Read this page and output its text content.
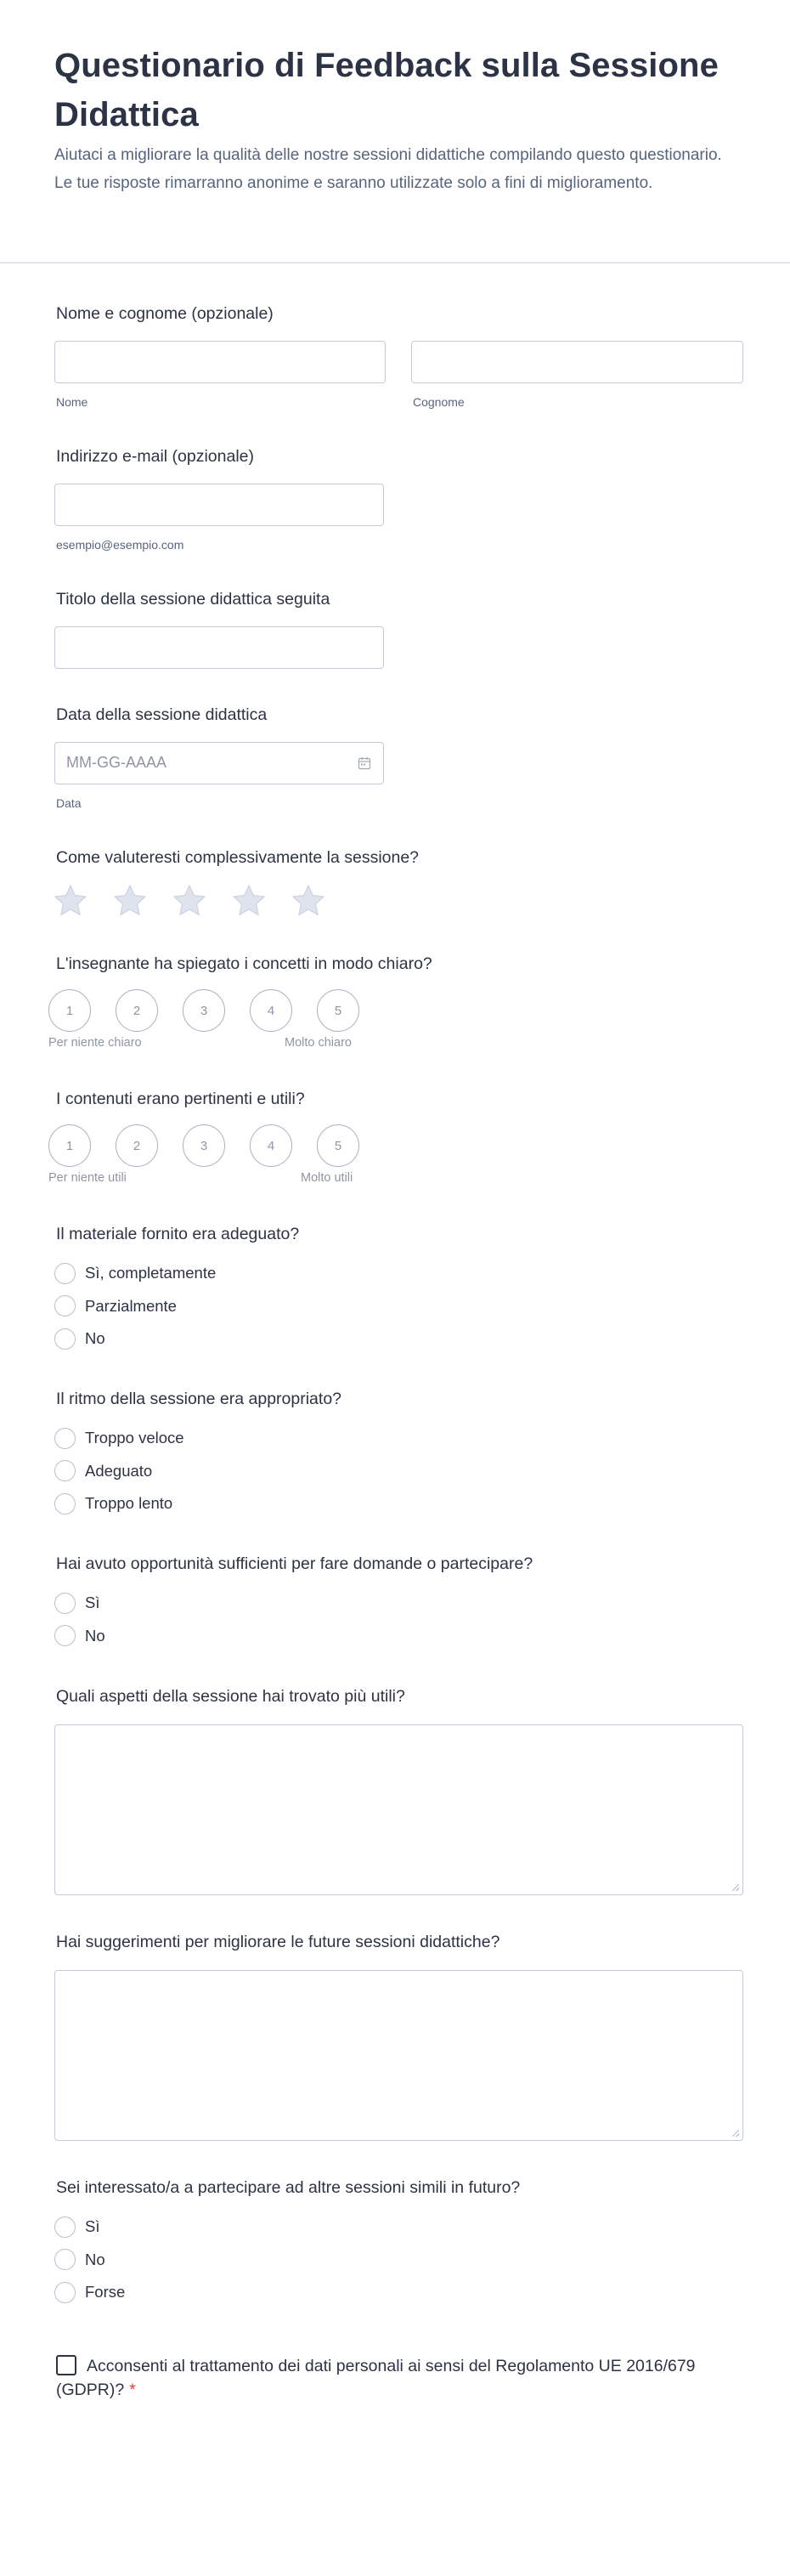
Questionario di Feedback sulla Sessione Didattica

Aiutaci a migliorare la qualità delle nostre sessioni didattiche compilando questo questionario. Le tue risposte rimarranno anonime e saranno utilizzate solo a fini di miglioramento.

Nome e cognome (opzionale)
Nome	Cognome
Indirizzo e-mail (opzionale)
esempio@esempio.com
Titolo della sessione didattica seguita
Data della sessione didattica
MM-GG-AAAA
Data
Come valuteresti complessivamente la sessione?
L'insegnante ha spiegato i concetti in modo chiaro?
Per niente chiaro	Molto chiaro
I contenuti erano pertinenti e utili?
Per niente utili	Molto utili
Il materiale fornito era adeguato?
Il ritmo della sessione era appropriato?
Hai avuto opportunità sufficienti per fare domande o partecipare?
Quali aspetti della sessione hai trovato più utili?
Hai suggerimenti per migliorare le future sessioni didattiche?
Sei interessato/a a partecipare ad altre sessioni simili in futuro?
Acconsenti al trattamento dei dati personali ai sensi del Regolamento UE 2016/679 (GDPR)? *
1	2	3	4	5
1	2	3	4	5
Sì, completamente
Parzialmente
No
Troppo veloce
Adeguato
Troppo lento
Sì
No
Sì
No
Forse
